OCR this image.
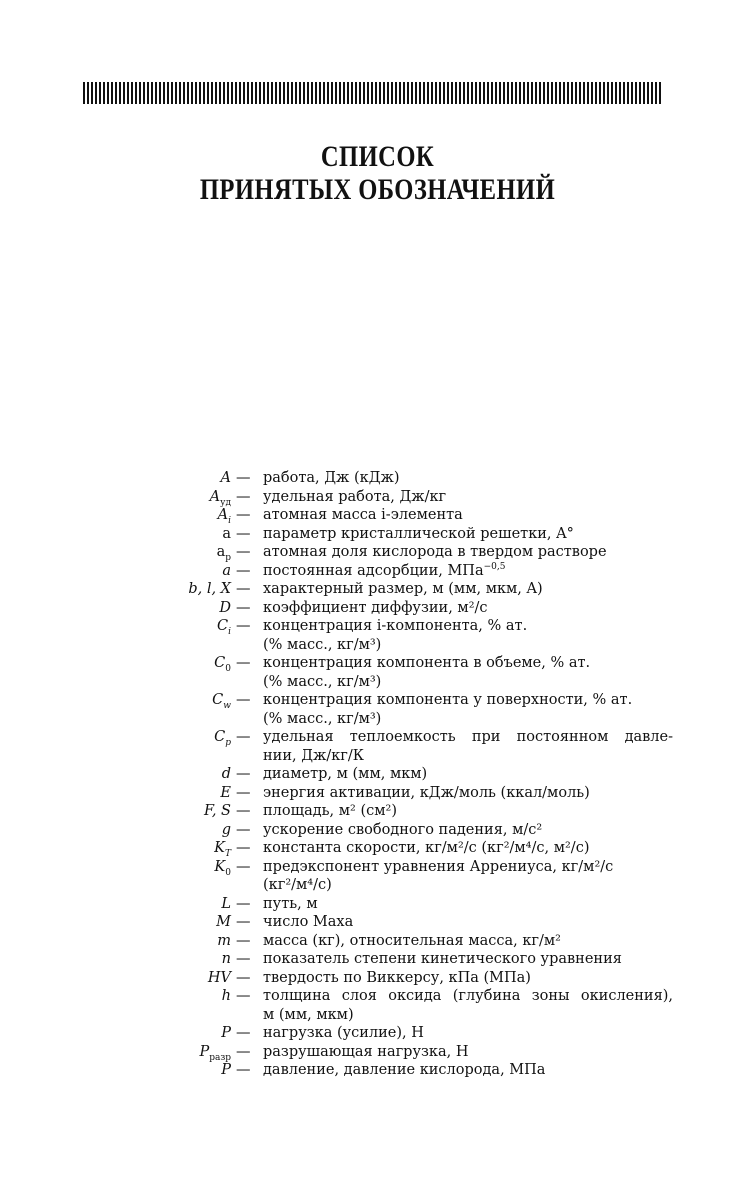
СПИСОК
ПРИНЯТЫХ ОБОЗНАЧЕНИЙ
A — работа, Дж (кДж)
$A_{уд}$ — удельная работа, Дж/кг
$A_i$ — атомная масса i-элемента
a — параметр кристаллической решетки, A°
$a_p$ — атомная доля кислорода в твердом растворе
a — постоянная адсорбции, МПа$^{-0,5}$
b, l, X — характерный размер, м (мм, мкм, A)
D — коэффициент диффузии, м²/с
$C_i$ — концентрация i-компонента, % ат.
(% масс., кг/м³)
$C_0$ — концентрация компонента в объеме, % ат.
(% масс., кг/м³)
$C_w$ — концентрация компонента у поверхности, % ат.
(% масс., кг/м³)
$C_p$ — удельная теплоемкость при постоянном давле-
нии, Дж/кг/К
d — диаметр, м (мм, мкм)
E — энергия активации, кДж/моль (ккал/моль)
F, S — площадь, м² (см²)
g — ускорение свободного падения, м/с²
$K_T$ — константа скорости, кг/м²/с (кг²/м⁴/с, м²/с)
$K_0$ — предэкспонент уравнения Аррениуса, кг/м²/с
(кг²/м⁴/с)
L — путь, м
M — число Маха
m — масса (кг), относительная масса, кг/м²
n — показатель степени кинетического уравнения
HV — твердость по Виккерсу, кПа (МПа)
h — толщина слоя оксида (глубина зоны окисления),
м (мм, мкм)
P — нагрузка (усилие), Н
$P_{разр}$ — разрушающая нагрузка, Н
P — давление, давление кислорода, МПа
